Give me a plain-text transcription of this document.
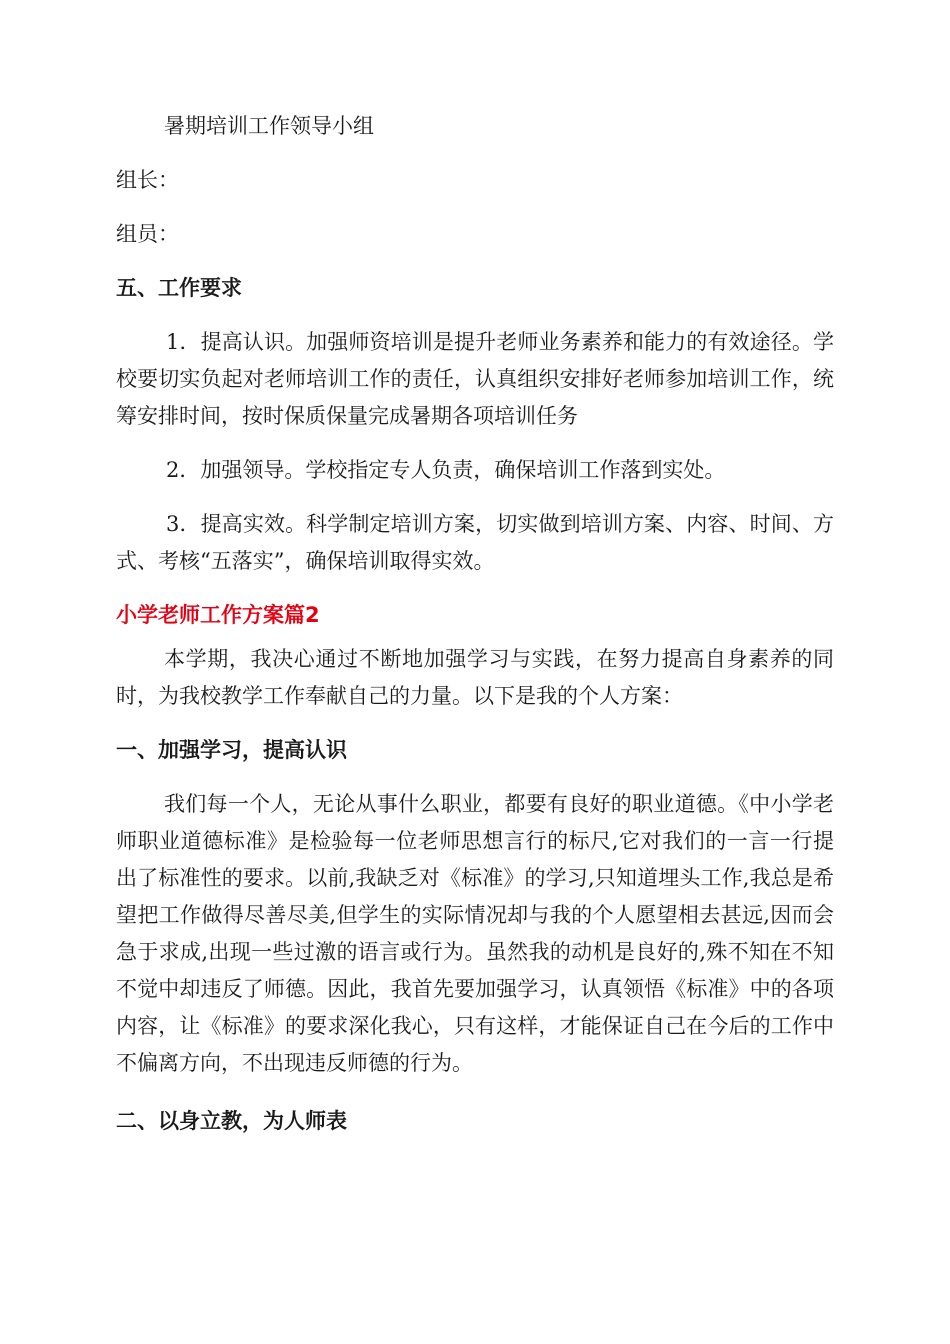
暑期培训工作领导小组

组长：

组员：

五、工作要求

1．提高认识。加强师资培训是提升老师业务素养和能力的有效途径。学校要切实负起对老师培训工作的责任，认真组织安排好老师参加培训工作，统筹安排时间，按时保质保量完成暑期各项培训任务

2．加强领导。学校指定专人负责，确保培训工作落到实处。

3．提高实效。科学制定培训方案，切实做到培训方案、内容、时间、方式、考核“五落实”，确保培训取得实效。

小学老师工作方案篇2

本学期，我决心通过不断地加强学习与实践，在努力提高自身素养的同时，为我校教学工作奉献自己的力量。以下是我的个人方案：

一、加强学习，提高认识

我们每一个人，无论从事什么职业，都要有良好的职业道德。《中小学老师职业道德标准》是检验每一位老师思想言行的标尺,它对我们的一言一行提出了标准性的要求。以前,我缺乏对《标准》的学习,只知道埋头工作,我总是希望把工作做得尽善尽美,但学生的实际情况却与我的个人愿望相去甚远,因而会急于求成,出现一些过激的语言或行为。虽然我的动机是良好的,殊不知在不知不觉中却违反了师德。因此，我首先要加强学习，认真领悟《标准》中的各项内容，让《标准》的要求深化我心，只有这样，才能保证自己在今后的工作中不偏离方向，不出现违反师德的行为。

二、以身立教，为人师表
